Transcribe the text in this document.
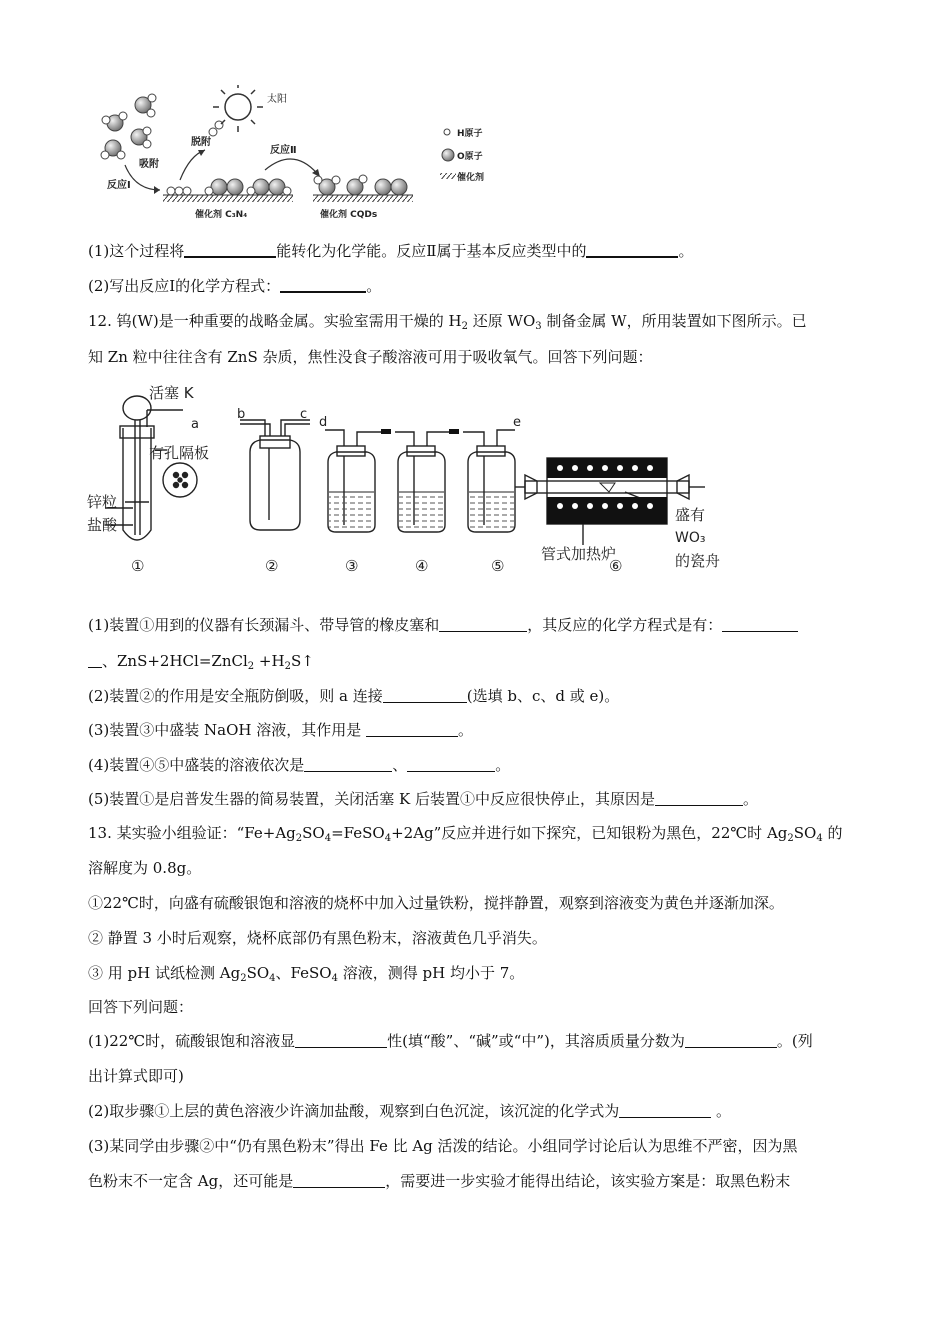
太阳
脱附
吸附
反应Ⅰ
反应Ⅱ
催化剂 C₃N₄	催化剂 CQDs
H原子
O原子
催化剂
(1)这个过程将	能转化为化学能。反应Ⅱ属于基本反应类型中的	。
(2)写出反应Ⅰ的化学方程式：	。
12. 钨(W)是一种重要的战略金属。实验室需用干燥的 $H_2$ 还原 $WO_3$ 制备金属 W，所用装置如下图所示。已
知 Zn 粒中往往含有 ZnS 杂质，焦性没食子酸溶液可用于吸收氧气。回答下列问题：
活塞 K
a
b	c
d	e
有孔隔板
锌粒
盐酸
管式加热炉
盛有
WO₃
的瓷舟
①	②	③	④	⑤	⑥
(1)装置①用到的仪器有长颈漏斗、带导管的橡皮塞和	，其反应的化学方程式是有：
、ZnS+2HCl=ZnCl$_2$ $+H_2S↑$
(2)装置②的作用是安全瓶防倒吸，则 a 连接	(选填 b、c、d 或 e)。
(3)装置③中盛装 NaOH 溶液，其作用是	。
(4)装置④⑤中盛装的溶液依次是	、	。
(5)装置①是启普发生器的简易装置，关闭活塞 K 后装置①中反应很快停止，其原因是	。
13. 某实验小组验证：“$Fe+Ag_2SO_4=FeSO_4+2Ag$”反应并进行如下探究，已知银粉为黑色，22℃时 $Ag_2SO_4$ 的
溶解度为 0.8g。
①22℃时，向盛有硫酸银饱和溶液的烧杯中加入过量铁粉，搅拌静置，观察到溶液变为黄色并逐渐加深。
② 静置 3 小时后观察，烧杯底部仍有黑色粉末，溶液黄色几乎消失。
③ 用 pH 试纸检测 $Ag_2SO_4$、FeSO$_4$ 溶液，测得 pH 均小于 7。
回答下列问题：
(1)22℃时，硫酸银饱和溶液显	性(填“酸”、“碱”或“中”)，其溶质质量分数为	。(列
出计算式即可)
(2)取步骤①上层的黄色溶液少许滴加盐酸，观察到白色沉淀，该沉淀的化学式为	。
(3)某同学由步骤②中“仍有黑色粉末”得出 Fe 比 Ag 活泼的结论。小组同学讨论后认为思维不严密，因为黑
色粉末不一定含 Ag，还可能是	，需要进一步实验才能得出结论，该实验方案是：取黑色粉末
